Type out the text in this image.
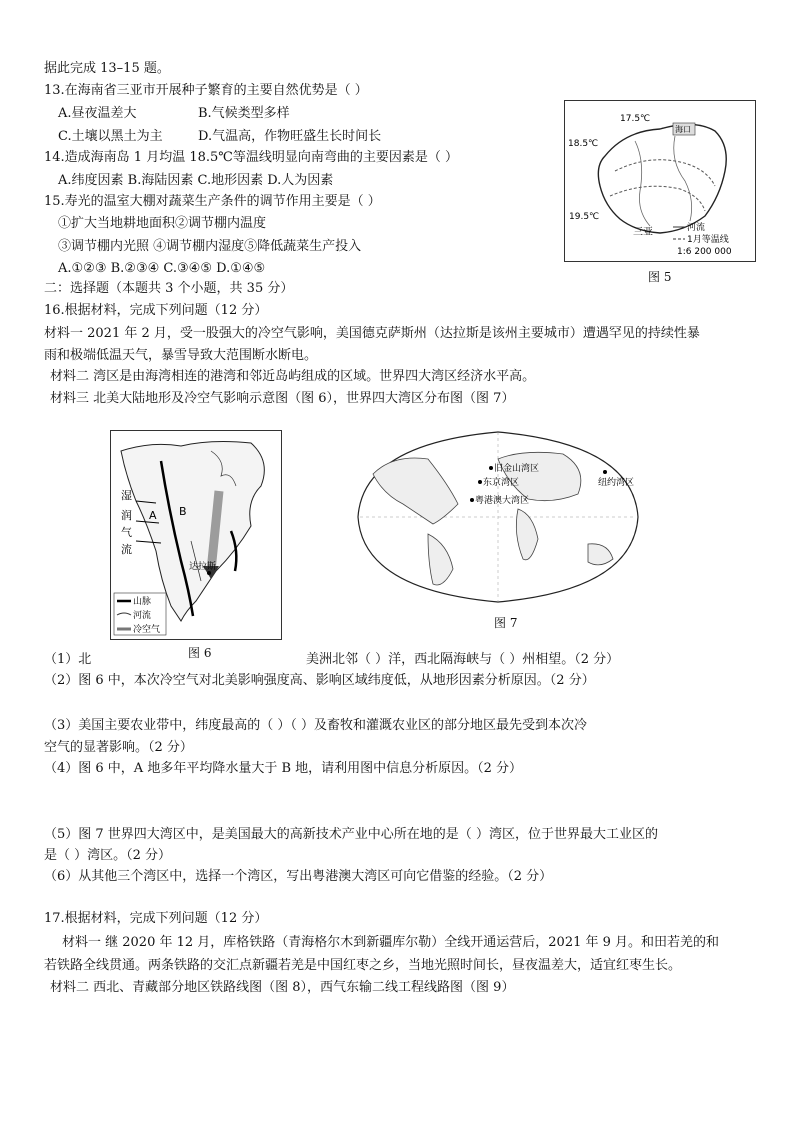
据此完成 13–15 题。
13.在海南省三亚市开展种子繁育的主要自然优势是（ ）
A.昼夜温差大	B.气候类型多样
C.土壤以黑土为主	D.气温高，作物旺盛生长时间长
14.造成海南岛 1 月均温 18.5℃等温线明显向南弯曲的主要因素是（ ）
A.纬度因素 B.海陆因素 C.地形因素 D.人为因素
15.寿光的温室大棚对蔬菜生产条件的调节作用主要是（ ）
①扩大当地耕地面积②调节棚内温度
③调节棚内光照 ④调节棚内湿度⑤降低蔬菜生产投入
A.①②③ B.②③④ C.③④⑤ D.①④⑤
二：选择题（本题共 3 个小题，共 35 分）
16.根据材料，完成下列问题（12 分）
材料一 2021 年 2 月，受一股强大的冷空气影响，美国德克萨斯州（达拉斯是该州主要城市）遭遇罕见的持续性暴
雨和极端低温天气，暴雪导致大范围断水断电。
材料二 湾区是由海湾相连的港湾和邻近岛屿组成的区域。世界四大湾区经济水平高。
材料三 北美大陆地形及冷空气影响示意图（图 6），世界四大湾区分布图（图 7）
（1）北	美洲北邻（ ）洋，西北隔海峡与（ ）州相望。（2 分）
（2）图 6 中，本次冷空气对北美影响强度高、影响区域纬度低，从地形因素分析原因。（2 分）
（3）美国主要农业带中，纬度最高的（ ）（ ）及畜牧和灌溉农业区的部分地区最先受到本次冷
空气的显著影响。（2 分）
（4）图 6 中，A 地多年平均降水量大于 B 地，请利用图中信息分析原因。（2 分）
（5）图 7 世界四大湾区中，是美国最大的高新技术产业中心所在地的是（ ）湾区，位于世界最大工业区的
是（ ）湾区。（2 分）
（6）从其他三个湾区中，选择一个湾区，写出粤港澳大湾区可向它借鉴的经验。（2 分）
17.根据材料，完成下列问题（12 分）
材料一 继 2020 年 12 月，库格铁路（青海格尔木到新疆库尔勒）全线开通运营后，2021 年 9 月。和田若羌的和
若铁路全线贯通。两条铁路的交汇点新疆若羌是中国红枣之乡，当地光照时间长，昼夜温差大，适宜红枣生长。
材料二 西北、青藏部分地区铁路线图（图 8），西气东输二线工程线路图（图 9）
17.5℃
海口
18.5℃
19.5℃
三亚	河流
1月等温线
1:6 200 000
图 5
湿
润
气
流
A B
达拉斯
山脉
河流
冷空气
图 6
旧金山湾区
东京湾区
粤港澳大湾区
纽约湾区
图 7
